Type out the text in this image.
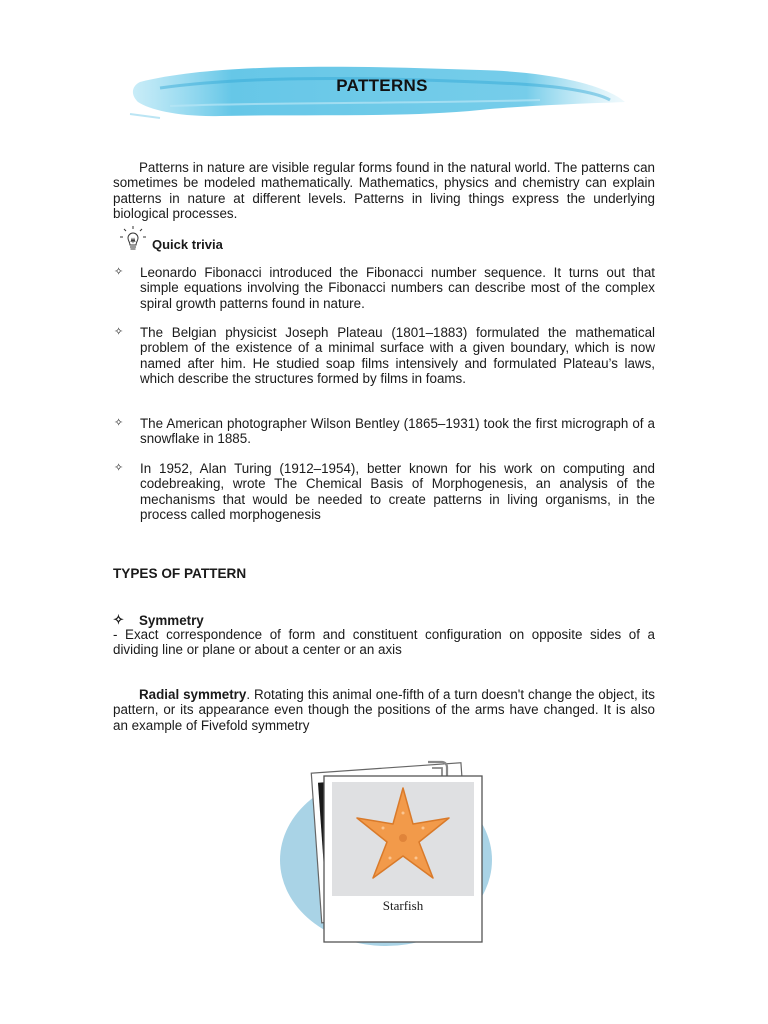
PATTERNS

Patterns in nature are visible regular forms found in the natural world. The patterns can sometimes be modeled mathematically. Mathematics, physics and chemistry can explain patterns in nature at different levels. Patterns in living things express the underlying biological processes.

Quick trivia
✧	Leonardo Fibonacci introduced the Fibonacci number sequence. It turns out that simple equations involving the Fibonacci numbers can describe most of the complex spiral growth patterns found in nature.

✧	The Belgian physicist Joseph Plateau (1801–1883) formulated the mathematical problem of the existence of a minimal surface with a given boundary, which is now named after him. He studied soap films intensively and formulated Plateau’s laws, which describe the structures formed by films in foams.

✧	The American photographer Wilson Bentley (1865–1931) took the first micrograph of a snowflake in 1885.

✧	In 1952, Alan Turing (1912–1954), better known for his work on computing and codebreaking, wrote The Chemical Basis of Morphogenesis, an analysis of the mechanisms that would be needed to create patterns in living organisms, in the process called morphogenesis

TYPES OF PATTERN
✧	Symmetry

- Exact correspondence of form and constituent configuration on opposite sides of a dividing line or plane or about a center or an axis

Radial symmetry. Rotating this animal one-fifth of a turn doesn't change the object, its pattern, or its appearance even though the positions of the arms have changed. It is also an example of Fivefold symmetry

Starfish
